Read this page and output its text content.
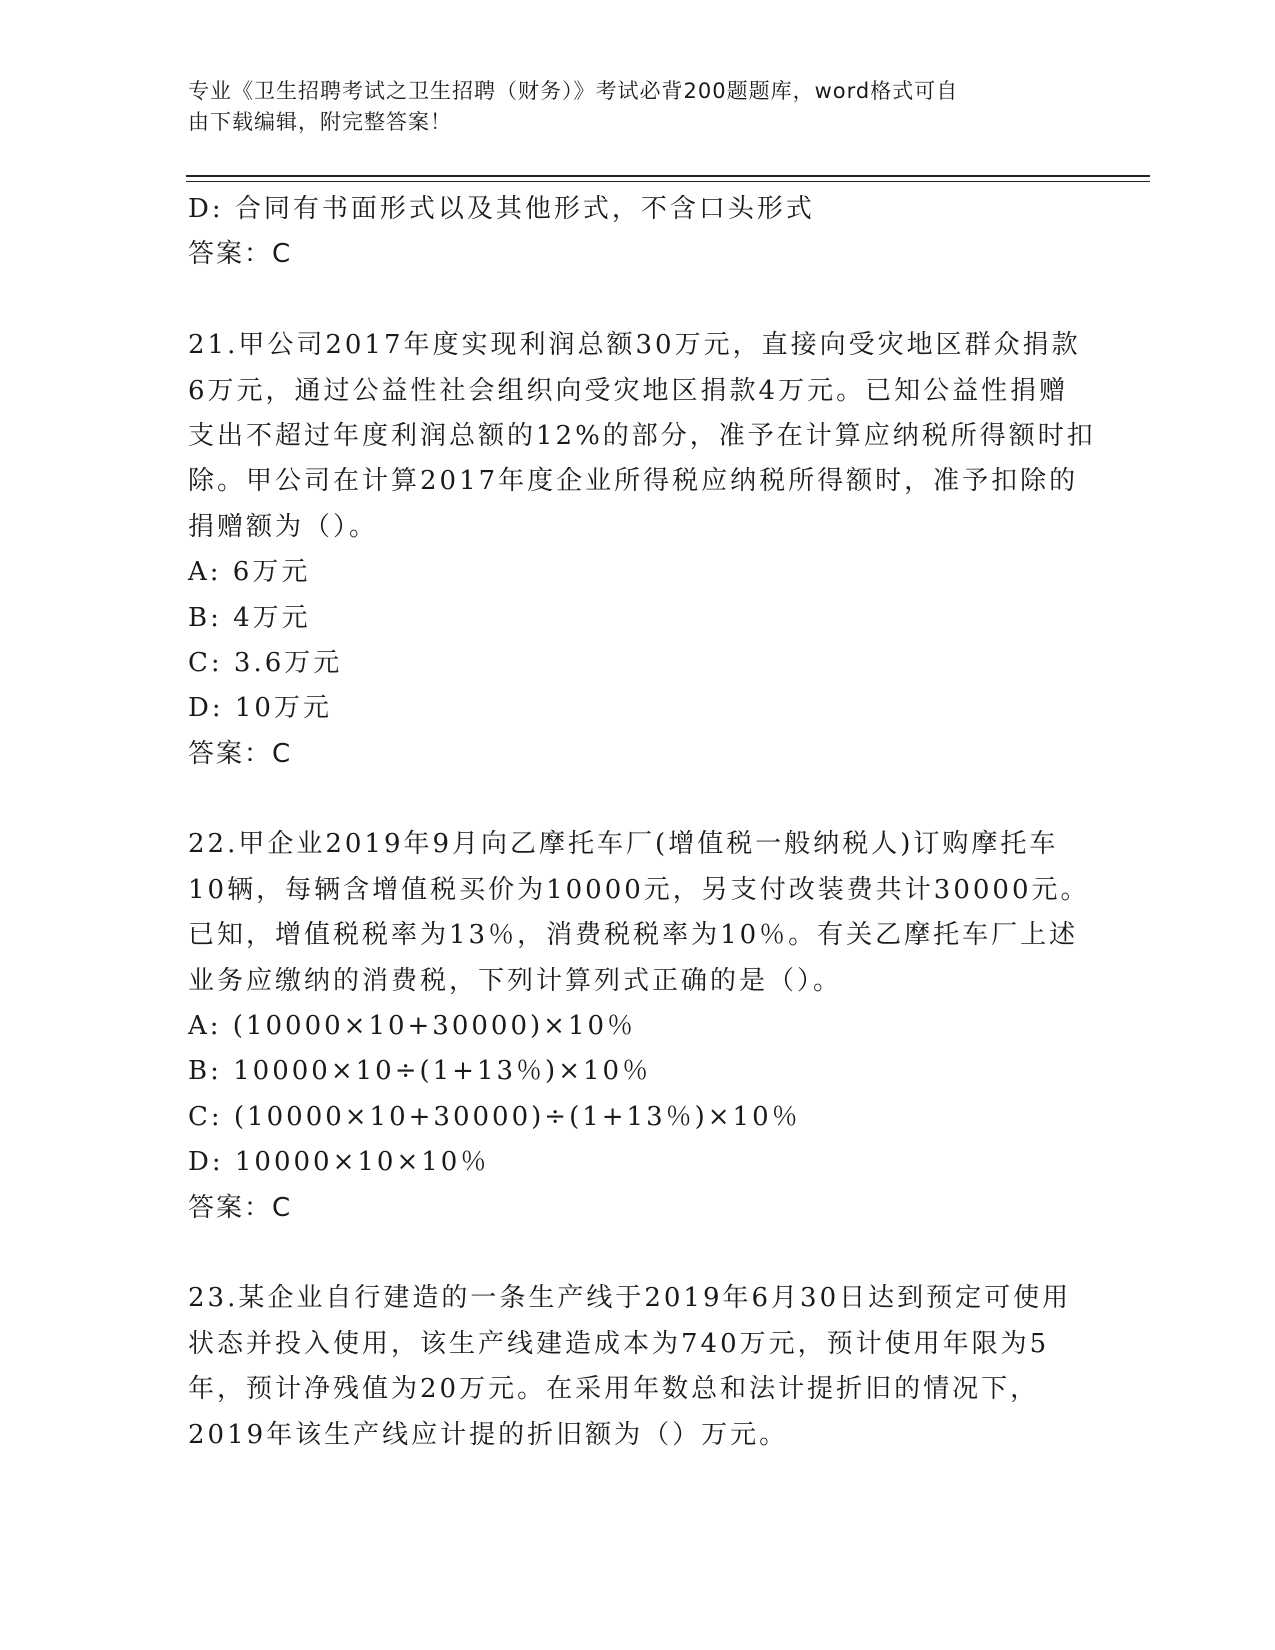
专业《卫生招聘考试之卫生招聘（财务）》考试必背200题题库，word格式可自
由下载编辑，附完整答案！
D: 合同有书面形式以及其他形式，不含口头形式
答案：C
21.甲公司2017年度实现利润总额30万元，直接向受灾地区群众捐款
6万元，通过公益性社会组织向受灾地区捐款4万元。已知公益性捐赠
支出不超过年度利润总额的12%的部分，准予在计算应纳税所得额时扣
除。甲公司在计算2017年度企业所得税应纳税所得额时，准予扣除的
捐赠额为（）。
A: 6万元
B: 4万元
C: 3.6万元
D: 10万元
答案：C
22.甲企业2019年9月向乙摩托车厂(增值税一般纳税人)订购摩托车
10辆，每辆含增值税买价为10000元，另支付改装费共计30000元。
已知，增值税税率为13％，消费税税率为10％。有关乙摩托车厂上述
业务应缴纳的消费税，下列计算列式正确的是（）。
A: (10000×10+30000)×10％
B: 10000×10÷(1+13％)×10％
C: (10000×10+30000)÷(1+13％)×10％
D: 10000×10×10％
答案：C
23.某企业自行建造的一条生产线于2019年6月30日达到预定可使用
状态并投入使用，该生产线建造成本为740万元，预计使用年限为5
年，预计净残值为20万元。在采用年数总和法计提折旧的情况下，
2019年该生产线应计提的折旧额为（）万元。
